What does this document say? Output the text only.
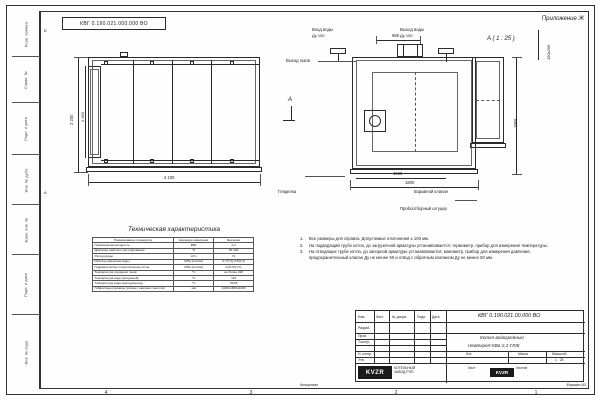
Перв. примен.
Справ. №
Подп. и дата
Инв. № дубл.
Взам. инв. №
Подп. и дата
Инв. № подл.
Б
A
4	3	2	1
Приложение Ж
КВГ 0.190.021.000.000 ВО
2 200 2 060
4 100
A
A ( 1 : 25 )
Вход воды
Ду 150
Выход воды
Ду 150
Выход газов
956
1530
1800
1955
190х256
Гляделка	Взрывной клапан
Пробоотборный штуцер
Техническая характеристика
Наименование показателя	Единица измерения	Значение
Номинальная мощность	МВт	2,2
Диапазон рабочего регулирования	%	45-100
Расход воды	м³/ч	74
Рабочее давление воды	МПа (кгс/см²)	0,7(7,0)-0,6(6,0)
Гидравлическое сопротивление котла	МПа (кгс/см²)	0,017(0,17)
Температура уходящих газов	°C	не более 220
Температура воды (входящей)	°C	115
Температура воды (выход/выход)	°C	70/95
Габаритные размеры (длина х ширина х высота)	мм	4100х1800х2200
1.	Все размеры для справок. Допустимые отклонения ± 100 мм.
2.	На подводящий трубе котла, до загрузочной арматуры устанавливается: термометр, прибор для измерения температуры.
3.	На отводящих трубе котла, до запорной арматуры устанавливается: манометр, прибор для измерения давления, предохранительный клапан Ду не менее 50 и отвод с обратным клапаном Ду не менее 50 мм.
Изм.	Лист	№ докум.	Подп. Дата
Разраб.
Пров.
Т.контр.
Н. контр.
Утв.
КВГ 0.190.021.00.000 ВО
Котел водогрейный
Heatexpert-КВа-2,2-ГЛЖ
Лит.	Масса	Масштаб
1 : 25
Лист	Листов
KVZR
КОТЕЛЬНЫЙ
ЗАВОД РЭП	KVZR
Копировал	Формат A3
